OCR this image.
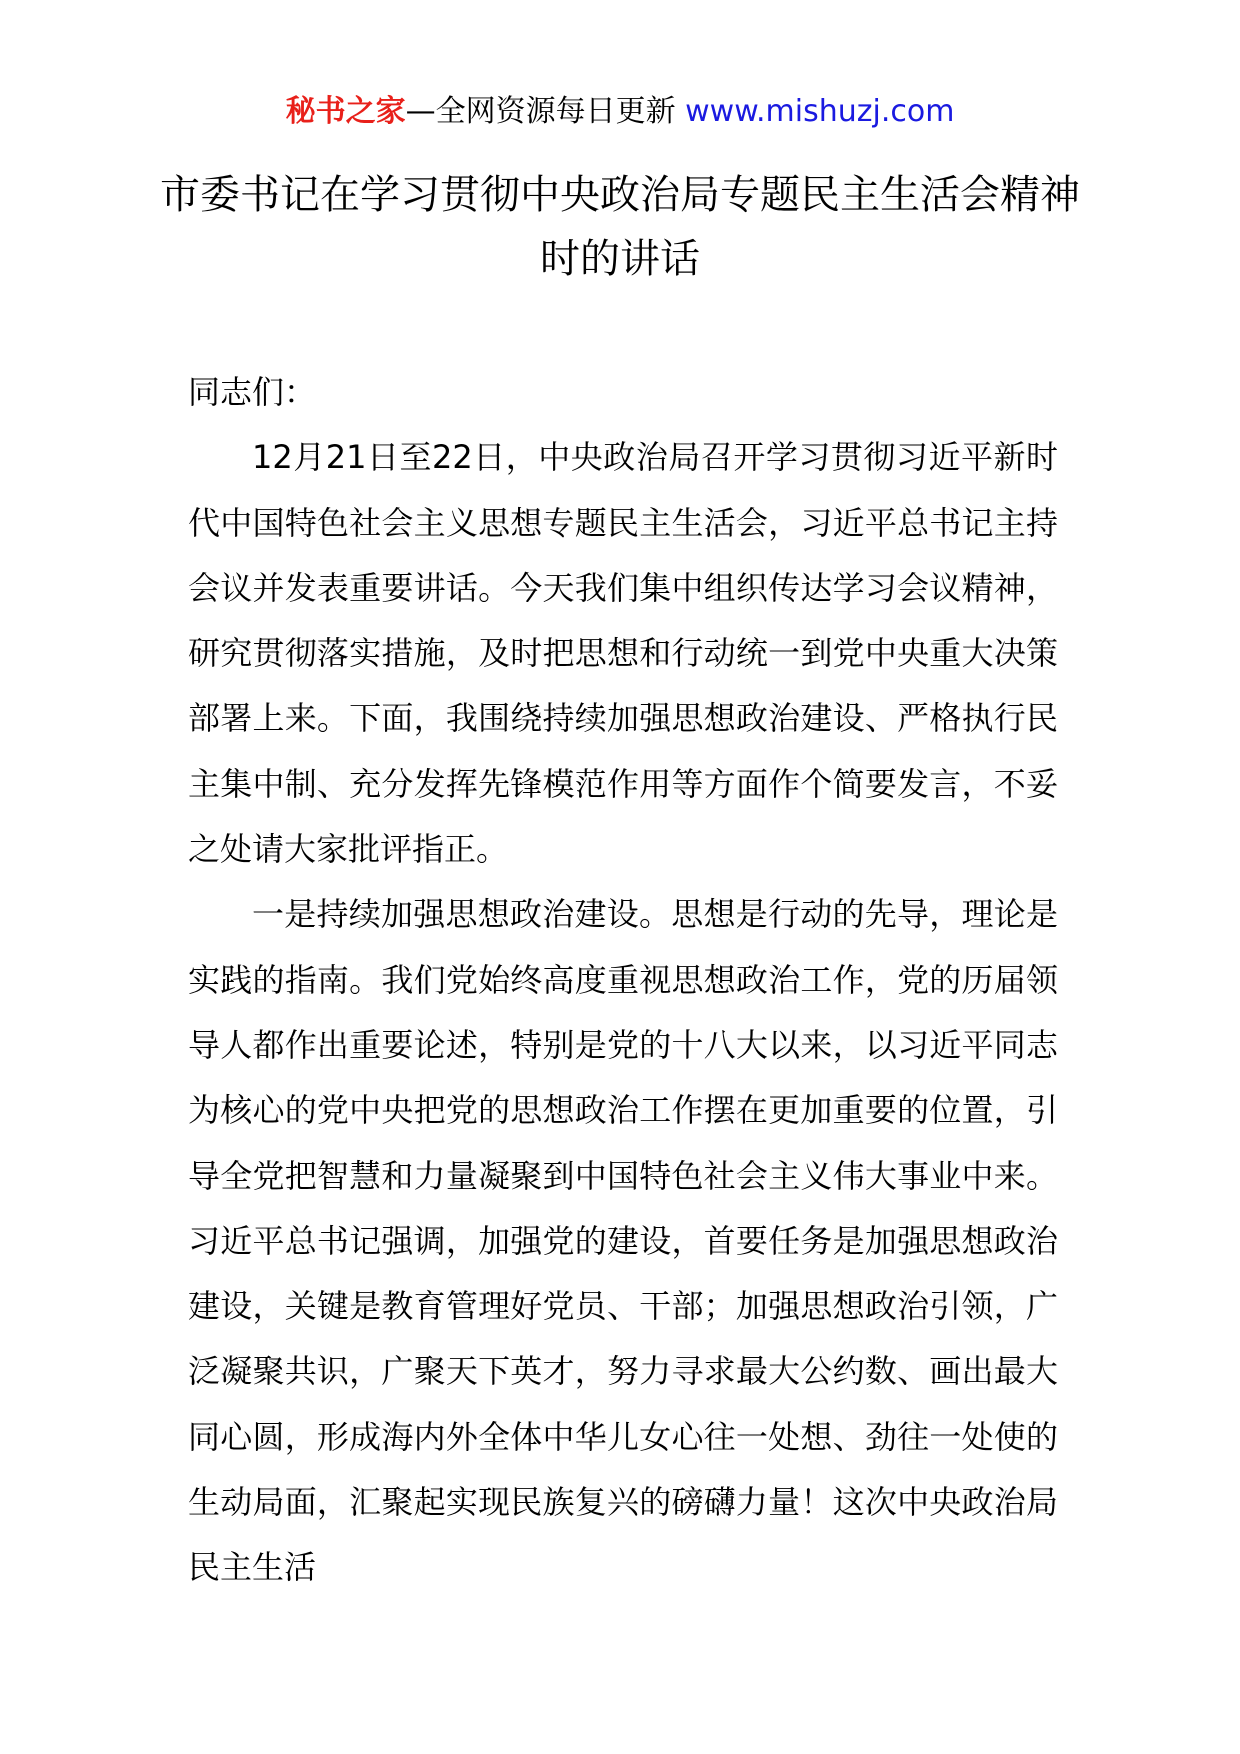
秘书之家—全网资源每日更新 www.mishuzj.com
市委书记在学习贯彻中央政治局专题民主生活会精神时的讲话

同志们：

12月21日至22日，中央政治局召开学习贯彻习近平新时代中国特色社会主义思想专题民主生活会，习近平总书记主持会议并发表重要讲话。今天我们集中组织传达学习会议精神，研究贯彻落实措施，及时把思想和行动统一到党中央重大决策部署上来。下面，我围绕持续加强思想政治建设、严格执行民主集中制、充分发挥先锋模范作用等方面作个简要发言，不妥之处请大家批评指正。

一是持续加强思想政治建设。思想是行动的先导，理论是实践的指南。我们党始终高度重视思想政治工作，党的历届领导人都作出重要论述，特别是党的十八大以来，以习近平同志为核心的党中央把党的思想政治工作摆在更加重要的位置，引导全党把智慧和力量凝聚到中国特色社会主义伟大事业中来。习近平总书记强调，加强党的建设，首要任务是加强思想政治建设，关键是教育管理好党员、干部；加强思想政治引领，广泛凝聚共识，广聚天下英才，努力寻求最大公约数、画出最大同心圆，形成海内外全体中华儿女心往一处想、劲往一处使的生动局面，汇聚起实现民族复兴的磅礴力量！这次中央政治局民主生活
